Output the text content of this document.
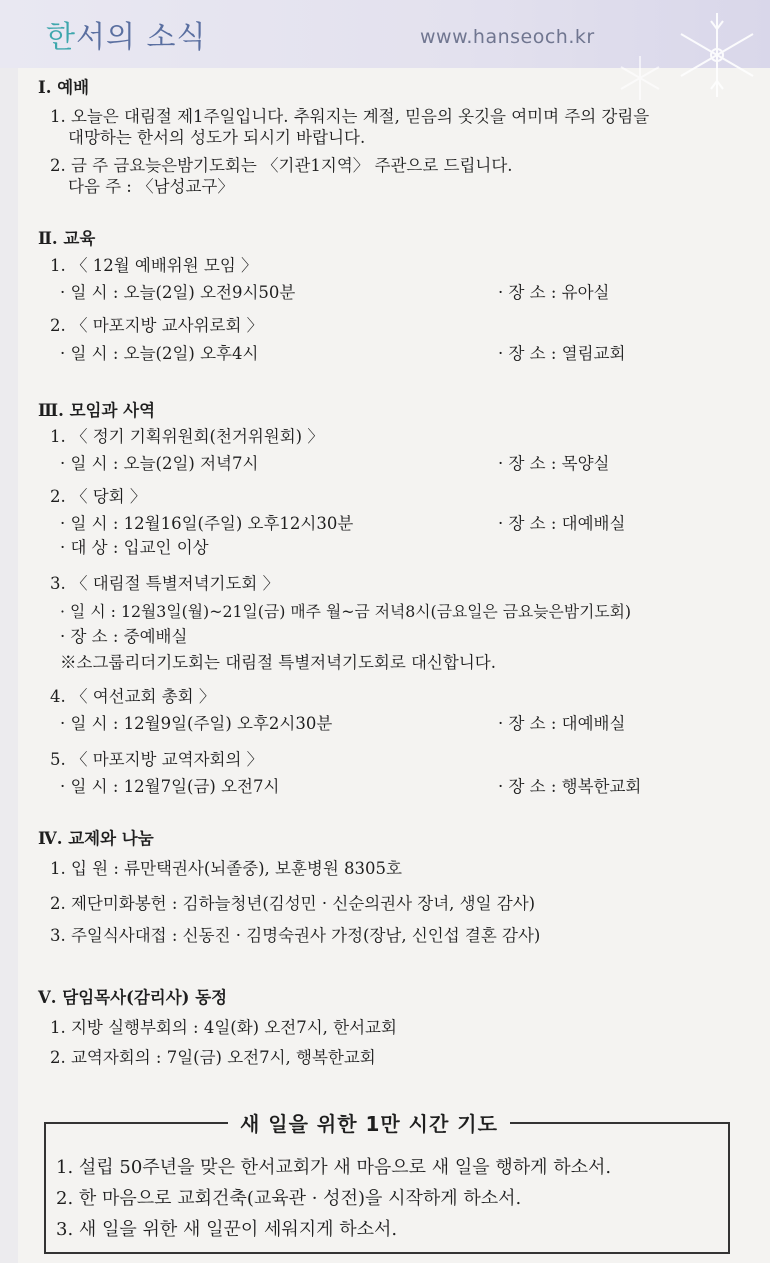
한서의 소식	www.hanseoch.kr
Ⅰ. 예배
1. 오늘은 대림절 제1주일입니다. 추워지는 계절, 믿음의 옷깃을 여미며 주의 강림을
대망하는 한서의 성도가 되시기 바랍니다.
2. 금 주 금요늦은밤기도회는 〈기관1지역〉 주관으로 드립니다.
다음 주 : 〈남성교구〉
Ⅱ. 교육
1. 〈 12월 예배위원 모임 〉
· 일 시 : 오늘(2일) 오전9시50분	· 장 소 : 유아실
2. 〈 마포지방 교사위로회 〉
· 일 시 : 오늘(2일) 오후4시	· 장 소 : 열림교회
Ⅲ. 모임과 사역
1. 〈 정기 기획위원회(천거위원회) 〉
· 일 시 : 오늘(2일) 저녁7시	· 장 소 : 목양실
2. 〈 당회 〉
· 일 시 : 12월16일(주일) 오후12시30분	· 장 소 : 대예배실
· 대 상 : 입교인 이상
3. 〈 대림절 특별저녁기도회 〉
· 일 시 : 12월3일(월)~21일(금) 매주 월~금 저녁8시(금요일은 금요늦은밤기도회)
· 장 소 : 중예배실
※소그룹리더기도회는 대림절 특별저녁기도회로 대신합니다.
4. 〈 여선교회 총회 〉
· 일 시 : 12월9일(주일) 오후2시30분	· 장 소 : 대예배실
5. 〈 마포지방 교역자회의 〉
· 일 시 : 12월7일(금) 오전7시	· 장 소 : 행복한교회
Ⅳ. 교제와 나눔
1. 입 원 : 류만택권사(뇌졸중), 보훈병원 8305호
2. 제단미화봉헌 : 김하늘청년(김성민 · 신순의권사 장녀, 생일 감사)
3. 주일식사대접 : 신동진 · 김명숙권사 가정(장남, 신인섭 결혼 감사)
Ⅴ. 담임목사(감리사) 동정
1. 지방 실행부회의 : 4일(화) 오전7시, 한서교회
2. 교역자회의 : 7일(금) 오전7시, 행복한교회
새 일을 위한 1만 시간 기도
1. 설립 50주년을 맞은 한서교회가 새 마음으로 새 일을 행하게 하소서.
2. 한 마음으로 교회건축(교육관 · 성전)을 시작하게 하소서.
3. 새 일을 위한 새 일꾼이 세워지게 하소서.
